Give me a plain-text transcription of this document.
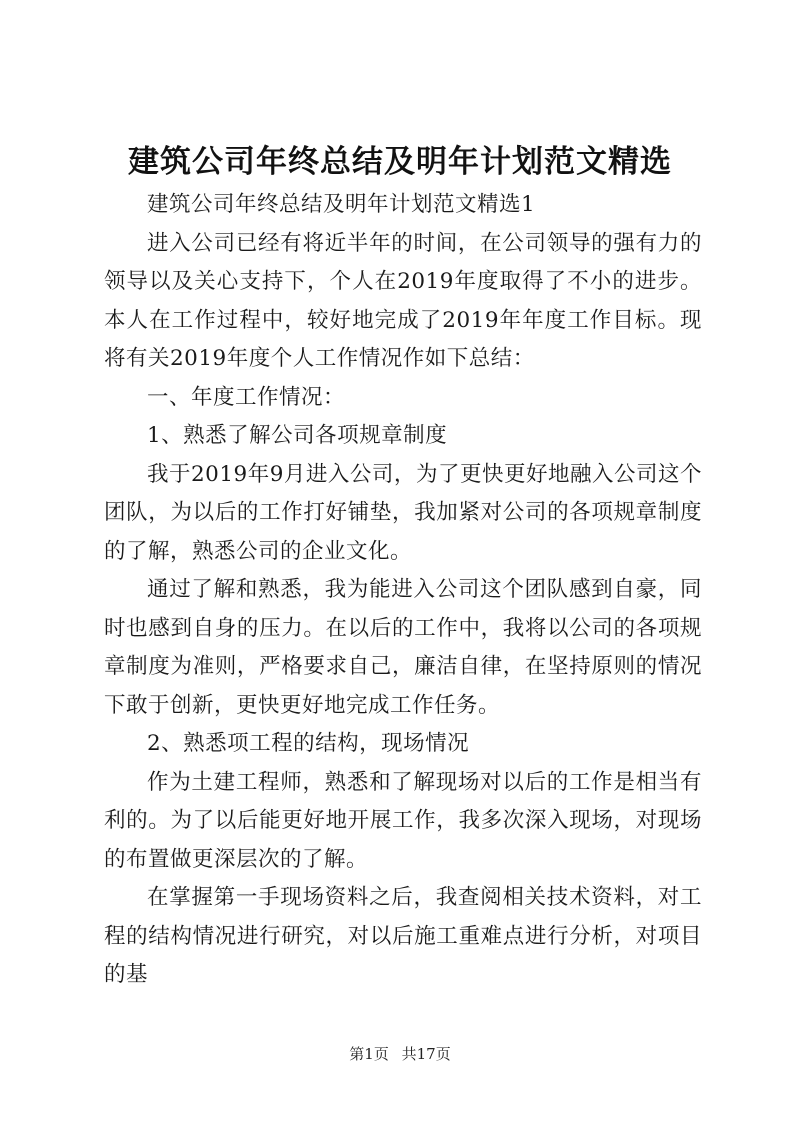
建筑公司年终总结及明年计划范文精选

建筑公司年终总结及明年计划范文精选1

进入公司已经有将近半年的时间，在公司领导的强有力的领导以及关心支持下，个人在2019年度取得了不小的进步。本人在工作过程中，较好地完成了2019年年度工作目标。现将有关2019年度个人工作情况作如下总结：

一、年度工作情况：

1、熟悉了解公司各项规章制度

我于2019年9月进入公司，为了更快更好地融入公司这个团队，为以后的工作打好铺垫，我加紧对公司的各项规章制度的了解，熟悉公司的企业文化。

通过了解和熟悉，我为能进入公司这个团队感到自豪，同时也感到自身的压力。在以后的工作中，我将以公司的各项规章制度为准则，严格要求自己，廉洁自律，在坚持原则的情况下敢于创新，更快更好地完成工作任务。

2、熟悉项工程的结构，现场情况

作为土建工程师，熟悉和了解现场对以后的工作是相当有利的。为了以后能更好地开展工作，我多次深入现场，对现场的布置做更深层次的了解。

在掌握第一手现场资料之后，我查阅相关技术资料，对工程的结构情况进行研究，对以后施工重难点进行分析，对项目的基

第1页 共17页
